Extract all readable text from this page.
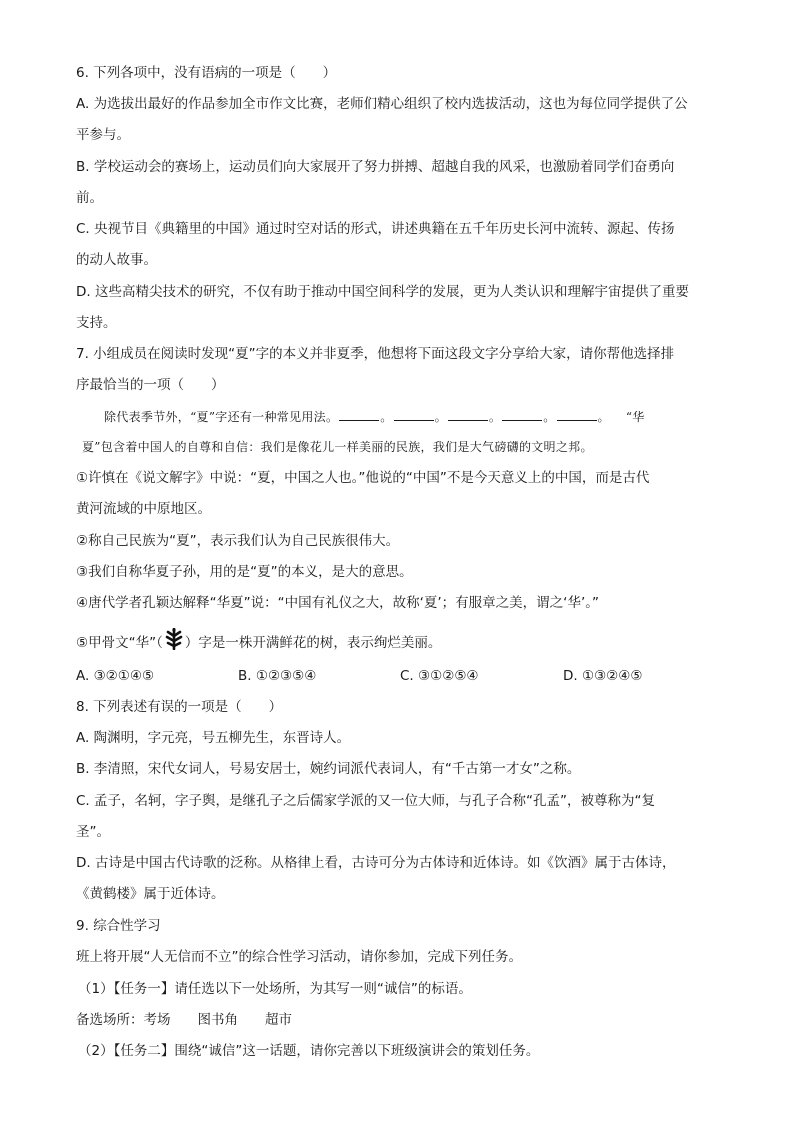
6. 下列各项中，没有语病的一项是（　　）
A. 为选拔出最好的作品参加全市作文比赛，老师们精心组织了校内选拔活动，这也为每位同学提供了公
平参与。
B. 学校运动会的赛场上，运动员们向大家展开了努力拼搏、超越自我的风采，也激励着同学们奋勇向
前。
C. 央视节目《典籍里的中国》通过时空对话的形式，讲述典籍在五千年历史长河中流转、源起、传扬
的动人故事。
D. 这些高精尖技术的研究，不仅有助于推动中国空间科学的发展，更为人类认识和理解宇宙提供了重要
支持。
7. 小组成员在阅读时发现“夏”字的本义并非夏季，他想将下面这段文字分享给大家，请你帮他选择排
序最恰当的一项（　　）
除代表季节外，“夏”字还有一种常见用法。	。	。	。	。	。 “华
夏”包含着中国人的自尊和自信：我们是像花儿一样美丽的民族，我们是大气磅礴的文明之邦。
①许慎在《说文解字》中说：“夏，中国之人也。”他说的“中国”不是今天意义上的中国，而是古代
黄河流域的中原地区。
②称自己民族为“夏”，表示我们认为自己民族很伟大。
③我们自称华夏子孙，用的是“夏”的本义，是大的意思。
④唐代学者孔颖达解释“华夏”说：“中国有礼仪之大，故称‘夏’；有服章之美，谓之‘华’。”
⑤甲骨文“华”（ ）字是一株开满鲜花的树，表示绚烂美丽。
A. ③②①④⑤	B. ①②③⑤④	C. ③①②⑤④	D. ①③②④⑤
8. 下列表述有误的一项是（　　）
A. 陶渊明，字元亮，号五柳先生，东晋诗人。
B. 李清照，宋代女词人，号易安居士，婉约词派代表词人，有“千古第一才女”之称。
C. 孟子，名轲，字子舆，是继孔子之后儒家学派的又一位大师，与孔子合称“孔孟”，被尊称为“复
圣”。
D. 古诗是中国古代诗歌的泛称。从格律上看，古诗可分为古体诗和近体诗。如《饮酒》属于古体诗，
《黄鹤楼》属于近体诗。
9. 综合性学习
班上将开展“人无信而不立”的综合性学习活动，请你参加，完成下列任务。
（1）【任务一】请任选以下一处场所，为其写一则“诚信”的标语。
备选场所：考场　　图书角　　超市
（2）【任务二】围绕“诚信”这一话题，请你完善以下班级演讲会的策划任务。
